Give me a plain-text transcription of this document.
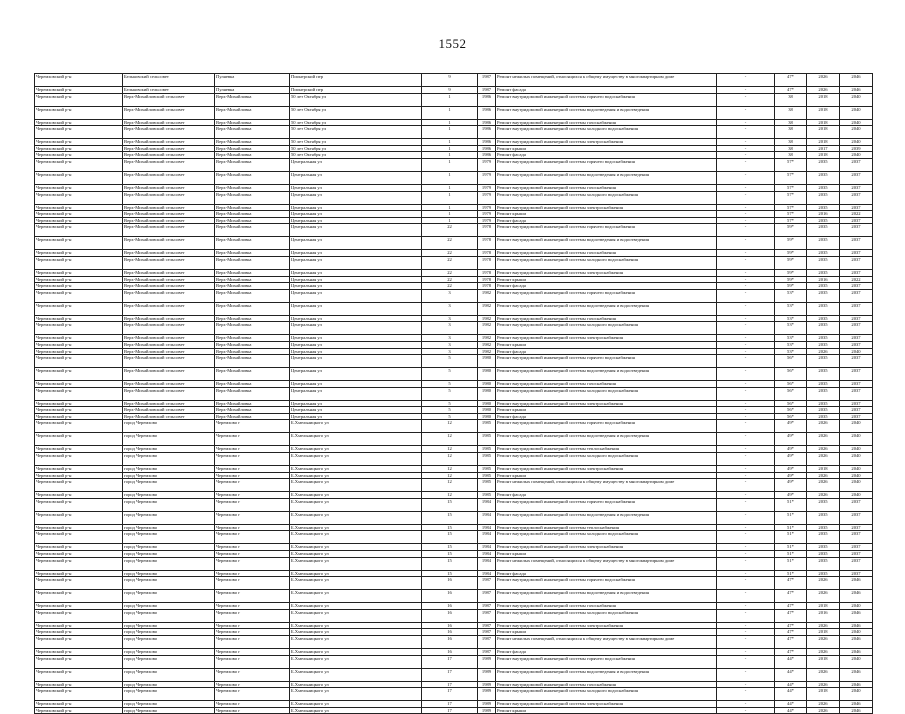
1552
Черемховский р-н	Бельковский сельсовет	Пуляевка	Пионерский пер	9	1987	Ремонт нежилых помещений, относящихся к общему имуществу в многоквартирном доме	-	47*	2026	2046
Черемховский р-н	Бельковский сельсовет	Пуляевка	Пионерский пер	9	1987	Ремонт фасада	-	47*	2026	2046
Черемховский р-н	Верх-Михайловский сельсовет	Верх-Михайловка	50 лет Октября ул	1	1986	Ремонт внутридомовой инженерной системы горячего водоснабжения	-	38	2018	2040
Черемховский р-н	Верх-Михайловский сельсовет	Верх-Михайловка	50 лет Октября ул	1	1986	Ремонт внутридомовой инженерной системы водоотведения и водоотведения	-	38	2018	2040
Черемховский р-н	Верх-Михайловский сельсовет	Верх-Михайловка	50 лет Октября ул	1	1986	Ремонт внутридомовой инженерной системы газоснабжения	-	38	2018	2040
Черемховский р-н	Верх-Михайловский сельсовет	Верх-Михайловка	50 лет Октября ул	1	1986	Ремонт внутридомовой инженерной системы холодного водоснабжения	-	38	2018	2040
Черемховский р-н	Верх-Михайловский сельсовет	Верх-Михайловка	50 лет Октября ул	1	1986	Ремонт внутридомовой инженерной системы электроснабжения	-	38	2018	2040
Черемховский р-н	Верх-Михайловский сельсовет	Верх-Михайловка	50 лет Октября ул	1	1986	Ремонт крыши	-	38	2017	2039
Черемховский р-н	Верх-Михайловский сельсовет	Верх-Михайловка	50 лет Октября ул	1	1986	Ремонт фасада	-	38	2018	2040
Черемховский р-н	Верх-Михайловский сельсовет	Верх-Михайловка	Центральная ул	1	1979	Ремонт внутридомовой инженерной системы горячего водоснабжения	-	57*	2035	2037
Черемховский р-н	Верх-Михайловский сельсовет	Верх-Михайловка	Центральная ул	1	1979	Ремонт внутридомовой инженерной системы водоотведения и водоотведения	-	57*	2035	2037
Черемховский р-н	Верх-Михайловский сельсовет	Верх-Михайловка	Центральная ул	1	1979	Ремонт внутридомовой инженерной системы газоснабжения	-	57*	2035	2037
Черемховский р-н	Верх-Михайловский сельсовет	Верх-Михайловка	Центральная ул	1	1979	Ремонт внутридомовой инженерной системы холодного водоснабжения	-	57*	2035	2037
Черемховский р-н	Верх-Михайловский сельсовет	Верх-Михайловка	Центральная ул	1	1979	Ремонт внутридомовой инженерной системы электроснабжения	-	57*	2035	2037
Черемховский р-н	Верх-Михайловский сельсовет	Верх-Михайловка	Центральная ул	1	1979	Ремонт крыши	-	57*	2016	2022
Черемховский р-н	Верх-Михайловский сельсовет	Верх-Михайловка	Центральная ул	1	1979	Ремонт фасада	-	57*	2035	2037
Черемховский р-н	Верх-Михайловский сельсовет	Верх-Михайловка	Центральная ул	22	1978	Ремонт внутридомовой инженерной системы горячего водоснабжения	-	59*	2035	2037
Черемховский р-н	Верх-Михайловский сельсовет	Верх-Михайловка	Центральная ул	22	1978	Ремонт внутридомовой инженерной системы водоотведения и водоотведения	-	59*	2035	2037
Черемховский р-н	Верх-Михайловский сельсовет	Верх-Михайловка	Центральная ул	22	1978	Ремонт внутридомовой инженерной системы газоснабжения	-	59*	2035	2037
Черемховский р-н	Верх-Михайловский сельсовет	Верх-Михайловка	Центральная ул	22	1978	Ремонт внутридомовой инженерной системы холодного водоснабжения	-	59*	2035	2037
Черемховский р-н	Верх-Михайловский сельсовет	Верх-Михайловка	Центральная ул	22	1978	Ремонт внутридомовой инженерной системы электроснабжения	-	59*	2035	2037
Черемховский р-н	Верх-Михайловский сельсовет	Верх-Михайловка	Центральная ул	22	1978	Ремонт крыши	-	59*	2016	2022
Черемховский р-н	Верх-Михайловский сельсовет	Верх-Михайловка	Центральная ул	22	1978	Ремонт фасада	-	59*	2035	2037
Черемховский р-н	Верх-Михайловский сельсовет	Верх-Михайловка	Центральная ул	3	1982	Ремонт внутридомовой инженерной системы горячего водоснабжения	-	53*	2035	2037
Черемховский р-н	Верх-Михайловский сельсовет	Верх-Михайловка	Центральная ул	3	1982	Ремонт внутридомовой инженерной системы водоотведения и водоотведения	-	53*	2035	2037
Черемховский р-н	Верх-Михайловский сельсовет	Верх-Михайловка	Центральная ул	3	1982	Ремонт внутридомовой инженерной системы газоснабжения	-	53*	2035	2037
Черемховский р-н	Верх-Михайловский сельсовет	Верх-Михайловка	Центральная ул	3	1982	Ремонт внутридомовой инженерной системы холодного водоснабжения	-	53*	2035	2037
Черемховский р-н	Верх-Михайловский сельсовет	Верх-Михайловка	Центральная ул	3	1982	Ремонт внутридомовой инженерной системы электроснабжения	-	53*	2035	2037
Черемховский р-н	Верх-Михайловский сельсовет	Верх-Михайловка	Центральная ул	3	1982	Ремонт крыши	-	53*	2035	2037
Черемховский р-н	Верх-Михайловский сельсовет	Верх-Михайловка	Центральная ул	3	1982	Ремонт фасада	-	53*	2026	2040
Черемховский р-н	Верх-Михайловский сельсовет	Верх-Михайловка	Центральная ул	5	1980	Ремонт внутридомовой инженерной системы горячего водоснабжения	-	56*	2035	2037
Черемховский р-н	Верх-Михайловский сельсовет	Верх-Михайловка	Центральная ул	5	1980	Ремонт внутридомовой инженерной системы водоотведения и водоотведения	-	56*	2035	2037
Черемховский р-н	Верх-Михайловский сельсовет	Верх-Михайловка	Центральная ул	5	1980	Ремонт внутридомовой инженерной системы газоснабжения	-	56*	2035	2037
Черемховский р-н	Верх-Михайловский сельсовет	Верх-Михайловка	Центральная ул	5	1980	Ремонт внутридомовой инженерной системы холодного водоснабжения	-	56*	2035	2037
Черемховский р-н	Верх-Михайловский сельсовет	Верх-Михайловка	Центральная ул	5	1980	Ремонт внутридомовой инженерной системы электроснабжения	-	56*	2035	2037
Черемховский р-н	Верх-Михайловский сельсовет	Верх-Михайловка	Центральная ул	5	1980	Ремонт крыши	-	56*	2035	2037
Черемховский р-н	Верх-Михайловский сельсовет	Верх-Михайловка	Центральная ул	5	1980	Ремонт фасада	-	56*	2035	2037
Черемховский р-н	город Черемхово	Черемхово г	Б.Хмельницкого ул	12	1985	Ремонт внутридомовой инженерной системы горячего водоснабжения	-	49*	2026	2040
Черемховский р-н	город Черемхово	Черемхово г	Б.Хмельницкого ул	12	1985	Ремонт внутридомовой инженерной системы водоотведения и водоотведения	-	49*	2026	2040
Черемховский р-н	город Черемхово	Черемхово г	Б.Хмельницкого ул	12	1985	Ремонт внутридомовой инженерной системы теплоснабжения	-	49*	2026	2040
Черемховский р-н	город Черемхово	Черемхово г	Б.Хмельницкого ул	12	1985	Ремонт внутридомовой инженерной системы холодного водоснабжения	-	49*	2026	2040
Черемховский р-н	город Черемхово	Черемхово г	Б.Хмельницкого ул	12	1985	Ремонт внутридомовой инженерной системы электроснабжения	-	49*	2018	2040
Черемховский р-н	город Черемхово	Черемхово г	Б.Хмельницкого ул	12	1985	Ремонт крыши	-	49*	2026	2040
Черемховский р-н	город Черемхово	Черемхово г	Б.Хмельницкого ул	12	1985	Ремонт нежилых помещений, относящихся к общему имуществу в многоквартирном доме	-	49*	2026	2040
Черемховский р-н	город Черемхово	Черемхово г	Б.Хмельницкого ул	12	1985	Ремонт фасада	-	49*	2026	2040
Черемховский р-н	город Черемхово	Черемхово г	Б.Хмельницкого ул	15	1984	Ремонт внутридомовой инженерной системы горячего водоснабжения	-	51*	2035	2037
Черемховский р-н	город Черемхово	Черемхово г	Б.Хмельницкого ул	15	1984	Ремонт внутридомовой инженерной системы водоотведения и водоотведения	-	51*	2035	2037
Черемховский р-н	город Черемхово	Черемхово г	Б.Хмельницкого ул	15	1984	Ремонт внутридомовой инженерной системы теплоснабжения	-	51*	2035	2037
Черемховский р-н	город Черемхово	Черемхово г	Б.Хмельницкого ул	15	1984	Ремонт внутридомовой инженерной системы холодного водоснабжения	-	51*	2035	2037
Черемховский р-н	город Черемхово	Черемхово г	Б.Хмельницкого ул	15	1984	Ремонт внутридомовой инженерной системы электроснабжения	-	51*	2035	2037
Черемховский р-н	город Черемхово	Черемхово г	Б.Хмельницкого ул	15	1984	Ремонт крыши	-	51*	2035	2037
Черемховский р-н	город Черемхово	Черемхово г	Б.Хмельницкого ул	15	1984	Ремонт нежилых помещений, относящихся к общему имуществу в многоквартирном доме	-	51*	2035	2037
Черемховский р-н	город Черемхово	Черемхово г	Б.Хмельницкого ул	15	1984	Ремонт фасада	-	51*	2035	2037
Черемховский р-н	город Черемхово	Черемхово г	Б.Хмельницкого ул	16	1987	Ремонт внутридомовой инженерной системы горячего водоснабжения	-	47*	2026	2046
Черемховский р-н	город Черемхово	Черемхово г	Б.Хмельницкого ул	16	1987	Ремонт внутридомовой инженерной системы водоотведения и водоотведения	-	47*	2026	2046
Черемховский р-н	город Черемхово	Черемхово г	Б.Хмельницкого ул	16	1987	Ремонт внутридомовой инженерной системы газоснабжения	-	47*	2018	2040
Черемховский р-н	город Черемхово	Черемхово г	Б.Хмельницкого ул	16	1987	Ремонт внутридомовой инженерной системы холодного водоснабжения	-	47*	2016	2046
Черемховский р-н	город Черемхово	Черемхово г	Б.Хмельницкого ул	16	1987	Ремонт внутридомовой инженерной системы электроснабжения	-	47*	2026	2046
Черемховский р-н	город Черемхово	Черемхово г	Б.Хмельницкого ул	16	1987	Ремонт крыши	-	47*	2018	2040
Черемховский р-н	город Черемхово	Черемхово г	Б.Хмельницкого ул	16	1987	Ремонт нежилых помещений, относящихся к общему имуществу в многоквартирном доме	-	47*	2026	2046
Черемховский р-н	город Черемхово	Черемхово г	Б.Хмельницкого ул	16	1987	Ремонт фасада	-	47*	2026	2046
Черемховский р-н	город Черемхово	Черемхово г	Б.Хмельницкого ул	17	1989	Ремонт внутридомовой инженерной системы горячего водоснабжения	-	44*	2018	2040
Черемховский р-н	город Черемхово	Черемхово г	Б.Хмельницкого ул	17	1989	Ремонт внутридомовой инженерной системы водоотведения и водоотведения	-	44*	2026	2046
Черемховский р-н	город Черемхово	Черемхово г	Б.Хмельницкого ул	17	1989	Ремонт внутридомовой инженерной системы газоснабжения	-	44*	2026	2046
Черемховский р-н	город Черемхово	Черемхово г	Б.Хмельницкого ул	17	1989	Ремонт внутридомовой инженерной системы холодного водоснабжения	-	44*	2018	2040
Черемховский р-н	город Черемхово	Черемхово г	Б.Хмельницкого ул	17	1989	Ремонт внутридомовой инженерной системы электроснабжения	-	44*	2026	2046
Черемховский р-н	город Черемхово	Черемхово г	Б.Хмельницкого ул	17	1989	Ремонт крыши	-	44*	2026	2046
